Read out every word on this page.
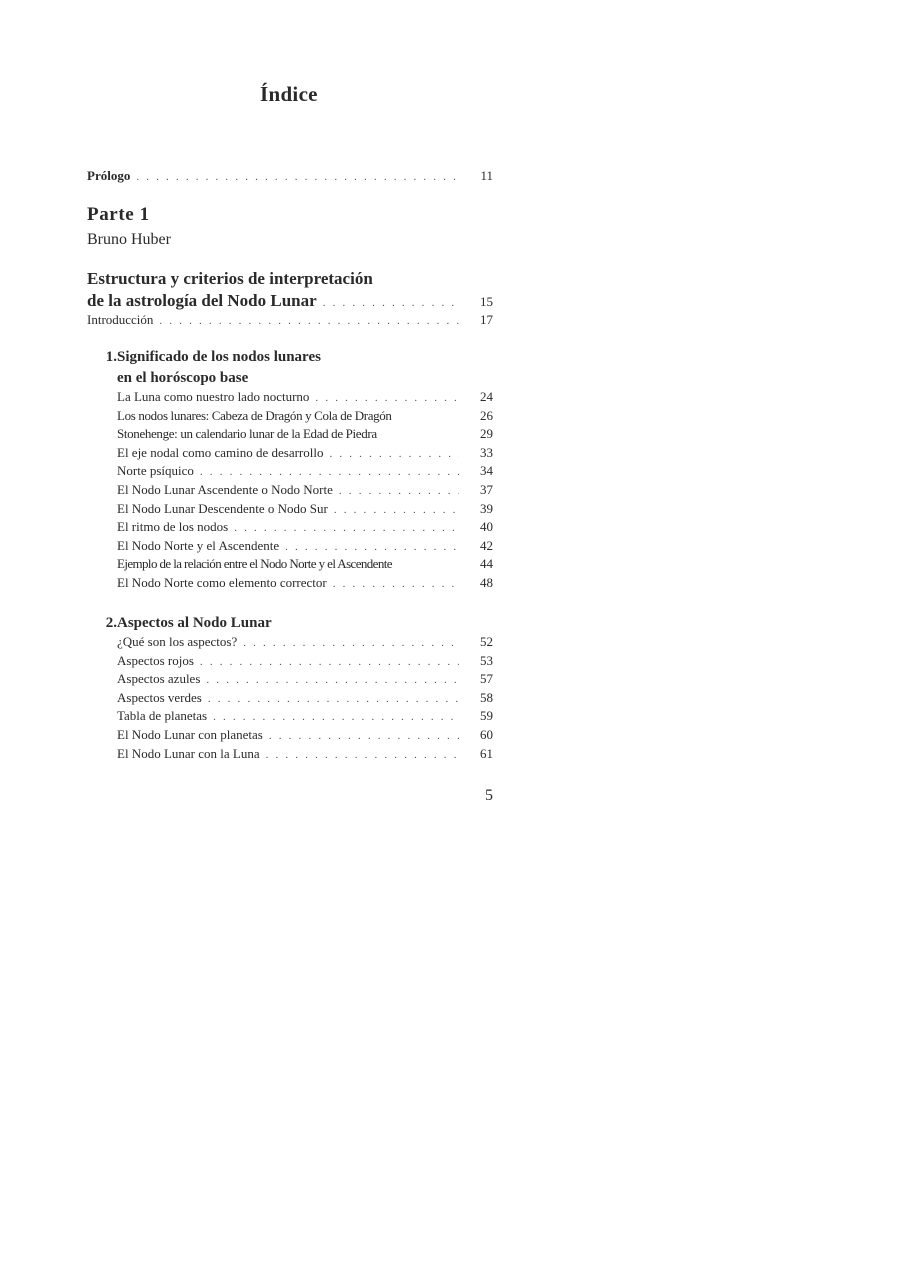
Índice
Prólogo . . .	11
Parte 1
Bruno Huber
Estructura y criterios de interpretación
de la astrología del Nodo Lunar . . .	15
Introducción . . .	17
1. Significado de los nodos lunares
en el horóscopo base
La Luna como nuestro lado nocturno . . .	24
Los nodos lunares: Cabeza de Dragón y Cola de Dragón	26
Stonehenge: un calendario lunar de la Edad de Piedra	29
El eje nodal como camino de desarrollo . . .	33
Norte psíquico . . .	34
El Nodo Lunar Ascendente o Nodo Norte . . .	37
El Nodo Lunar Descendente o Nodo Sur . . .	39
El ritmo de los nodos . . .	40
El Nodo Norte y el Ascendente . . .	42
Ejemplo de la relación entre el Nodo Norte y el Ascendente	44
El Nodo Norte como elemento corrector . . .	48
2. Aspectos al Nodo Lunar
¿Qué son los aspectos? . . .	52
Aspectos rojos . . .	53
Aspectos azules . . .	57
Aspectos verdes . . .	58
Tabla de planetas . . .	59
El Nodo Lunar con planetas . . .	60
El Nodo Lunar con la Luna . . .	61
5
